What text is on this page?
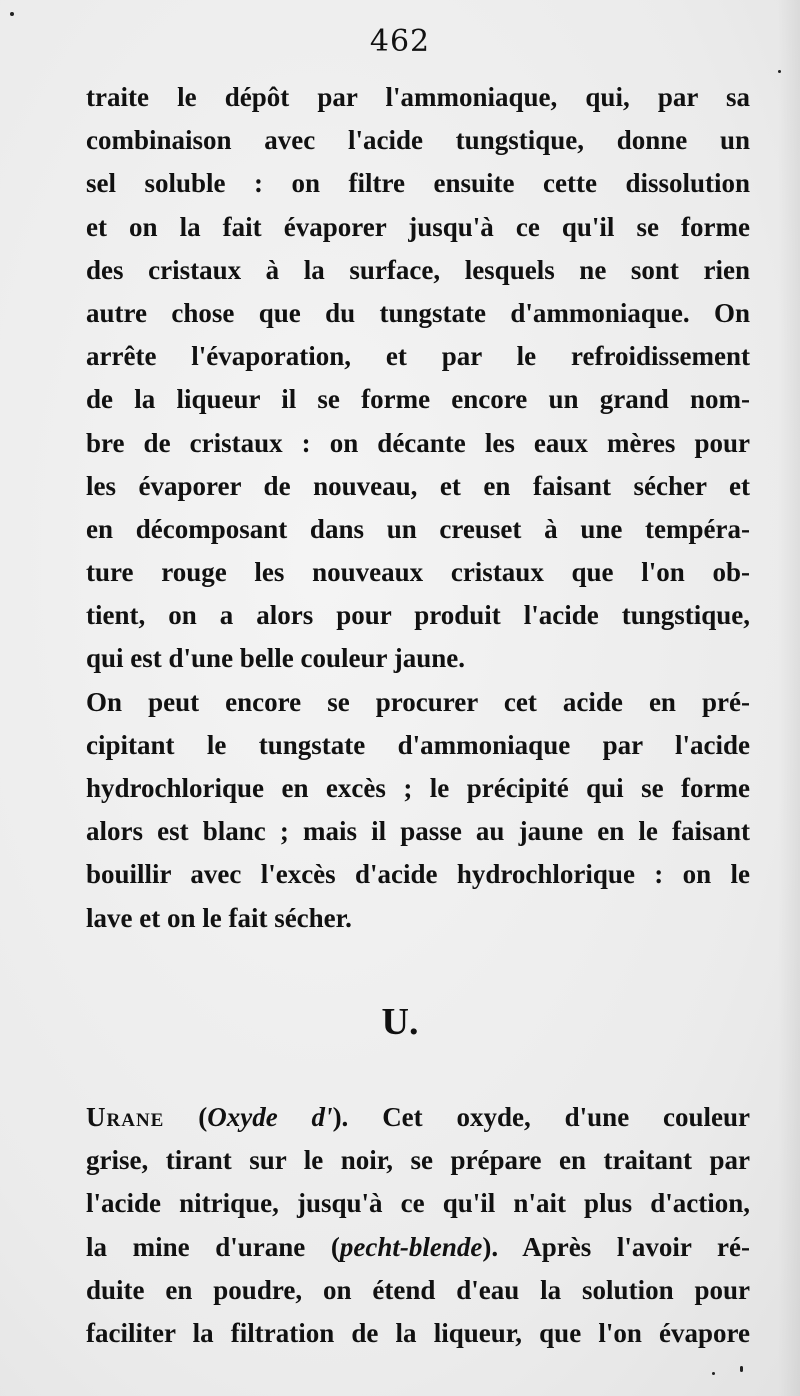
462
traite le dépôt par l'ammoniaque, qui, par sa
combinaison avec l'acide tungstique, donne un
sel soluble : on filtre ensuite cette dissolution
et on la fait évaporer jusqu'à ce qu'il se forme
des cristaux à la surface, lesquels ne sont rien
autre chose que du tungstate d'ammoniaque. On
arrête l'évaporation, et par le refroidissement
de la liqueur il se forme encore un grand nom-
bre de cristaux : on décante les eaux mères pour
les évaporer de nouveau, et en faisant sécher et
en décomposant dans un creuset à une tempéra-
ture rouge les nouveaux cristaux que l'on ob-
tient, on a alors pour produit l'acide tungstique,
qui est d'une belle couleur jaune.
On peut encore se procurer cet acide en pré-
cipitant le tungstate d'ammoniaque par l'acide
hydrochlorique en excès ; le précipité qui se forme
alors est blanc ; mais il passe au jaune en le faisant
bouillir avec l'excès d'acide hydrochlorique : on le
lave et on le fait sécher.
U.
Urane (Oxyde d'). Cet oxyde, d'une couleur
grise, tirant sur le noir, se prépare en traitant par
l'acide nitrique, jusqu'à ce qu'il n'ait plus d'action,
la mine d'urane (pecht-blende). Après l'avoir ré-
duite en poudre, on étend d'eau la solution pour
faciliter la filtration de la liqueur, que l'on évapore
